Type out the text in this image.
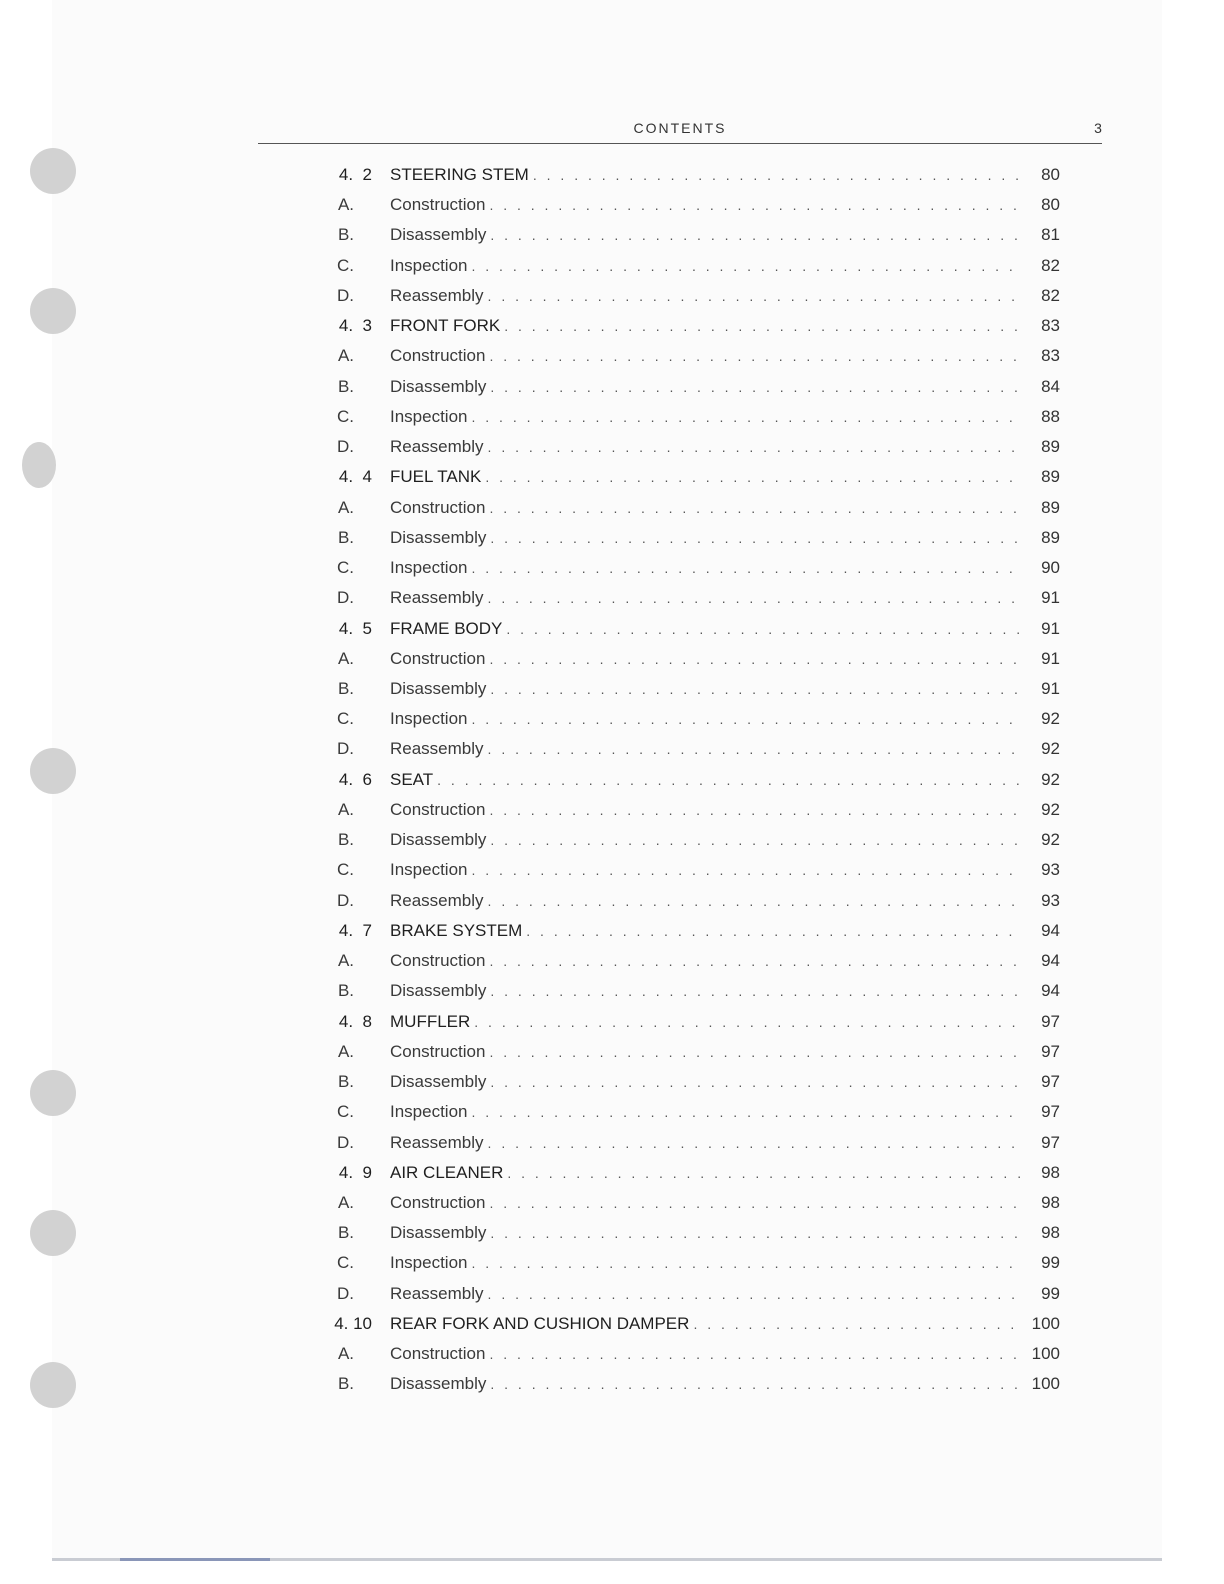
CONTENTS	3
4.  2	STEERING STEM . . .	80
A.	Construction . . .	80
B.	Disassembly . . .	81
C.	Inspection . . .	82
D.	Reassembly . . .	82
4.  3	FRONT FORK . . .	83
A.	Construction . . .	83
B.	Disassembly . . .	84
C.	Inspection . . .	88
D.	Reassembly . . .	89
4.  4	FUEL TANK . . .	89
A.	Construction . . .	89
B.	Disassembly . . .	89
C.	Inspection . . .	90
D.	Reassembly . . .	91
4.  5	FRAME BODY . . .	91
A.	Construction . . .	91
B.	Disassembly . . .	91
C.	Inspection . . .	92
D.	Reassembly . . .	92
4.  6	SEAT . . .	92
A.	Construction . . .	92
B.	Disassembly . . .	92
C.	Inspection . . .	93
D.	Reassembly . . .	93
4.  7	BRAKE SYSTEM . . .	94
A.	Construction . . .	94
B.	Disassembly . . .	94
4.  8	MUFFLER . . .	97
A.	Construction . . .	97
B.	Disassembly . . .	97
C.	Inspection . . .	97
D.	Reassembly . . .	97
4.  9	AIR CLEANER . . .	98
A.	Construction . . .	98
B.	Disassembly . . .	98
C.	Inspection . . .	99
D.	Reassembly . . .	99
4. 10	REAR FORK AND CUSHION DAMPER . . .	100
A.	Construction . . .	100
B.	Disassembly . . .	100
